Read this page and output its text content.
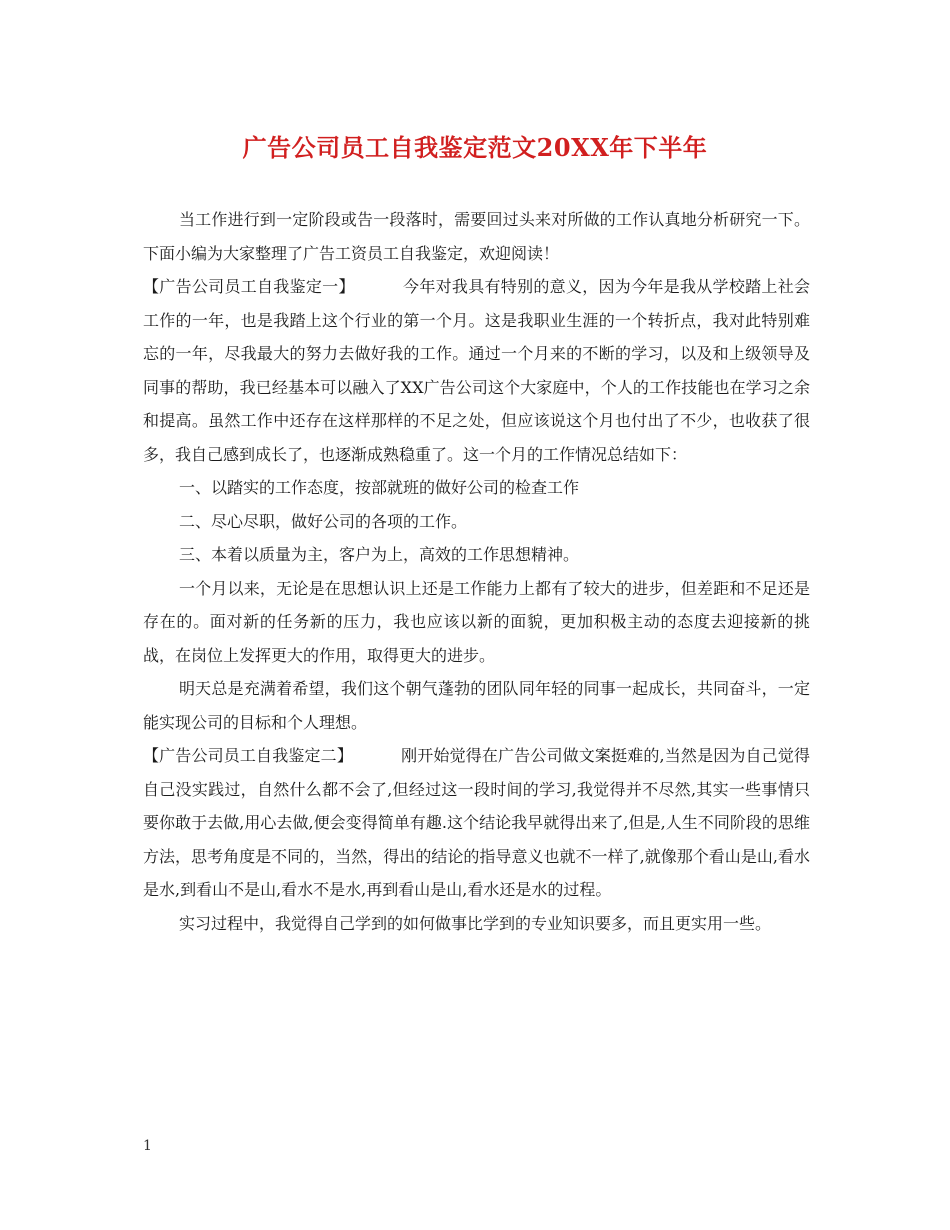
广告公司员工自我鉴定范文20XX年下半年

当工作进行到一定阶段或告一段落时，需要回过头来对所做的工作认真地分析研究一下。下面小编为大家整理了广告工资员工自我鉴定，欢迎阅读！

【广告公司员工自我鉴定一】	今年对我具有特别的意义，因为今年是我从学校踏上社会工作的一年，也是我踏上这个行业的第一个月。这是我职业生涯的一个转折点，我对此特别难忘的一年，尽我最大的努力去做好我的工作。通过一个月来的不断的学习，以及和上级领导及同事的帮助，我已经基本可以融入了XX广告公司这个大家庭中，个人的工作技能也在学习之余和提高。虽然工作中还存在这样那样的不足之处，但应该说这个月也付出了不少，也收获了很多，我自己感到成长了，也逐渐成熟稳重了。这一个月的工作情况总结如下：

一、以踏实的工作态度，按部就班的做好公司的检查工作

二、尽心尽职，做好公司的各项的工作。

三、本着以质量为主，客户为上，高效的工作思想精神。

一个月以来，无论是在思想认识上还是工作能力上都有了较大的进步，但差距和不足还是存在的。面对新的任务新的压力，我也应该以新的面貌，更加积极主动的态度去迎接新的挑战，在岗位上发挥更大的作用，取得更大的进步。

明天总是充满着希望，我们这个朝气蓬勃的团队同年轻的同事一起成长，共同奋斗，一定能实现公司的目标和个人理想。

【广告公司员工自我鉴定二】	刚开始觉得在广告公司做文案挺难的,当然是因为自己觉得自己没实践过，自然什么都不会了,但经过这一段时间的学习,我觉得并不尽然,其实一些事情只要你敢于去做,用心去做,便会变得简单有趣.这个结论我早就得出来了,但是,人生不同阶段的思维方法，思考角度是不同的，当然，得出的结论的指导意义也就不一样了,就像那个看山是山,看水是水,到看山不是山,看水不是水,再到看山是山,看水还是水的过程。

实习过程中，我觉得自己学到的如何做事比学到的专业知识要多，而且更实用一些。

1
